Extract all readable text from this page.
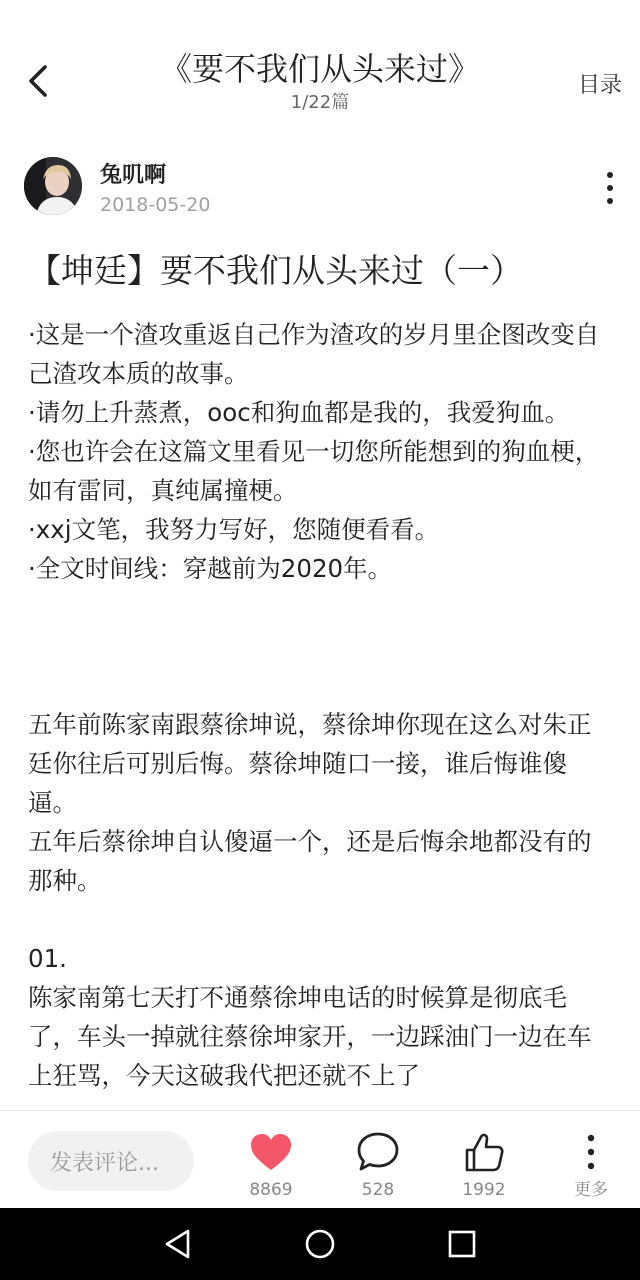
《要不我们从头来过》
1/22篇
目录
兔叽啊
2018-05-20
【坤廷】要不我们从头来过（一）

·这是一个渣攻重返自己作为渣攻的岁月里企图改变自己渣攻本质的故事。

·请勿上升蒸煮，ooc和狗血都是我的，我爱狗血。

·您也许会在这篇文里看见一切您所能想到的狗血梗，如有雷同，真纯属撞梗。

·xxj文笔，我努力写好，您随便看看。

·全文时间线：穿越前为2020年。

五年前陈家南跟蔡徐坤说，蔡徐坤你现在这么对朱正廷你往后可别后悔。蔡徐坤随口一接，谁后悔谁傻逼。

五年后蔡徐坤自认傻逼一个，还是后悔余地都没有的那种。

01.

陈家南第七天打不通蔡徐坤电话的时候算是彻底毛了，车头一掉就往蔡徐坤家开，一边踩油门一边在车上狂骂，今天这破我代把还就不上了

发表评论...
8869	528	1992	更多
